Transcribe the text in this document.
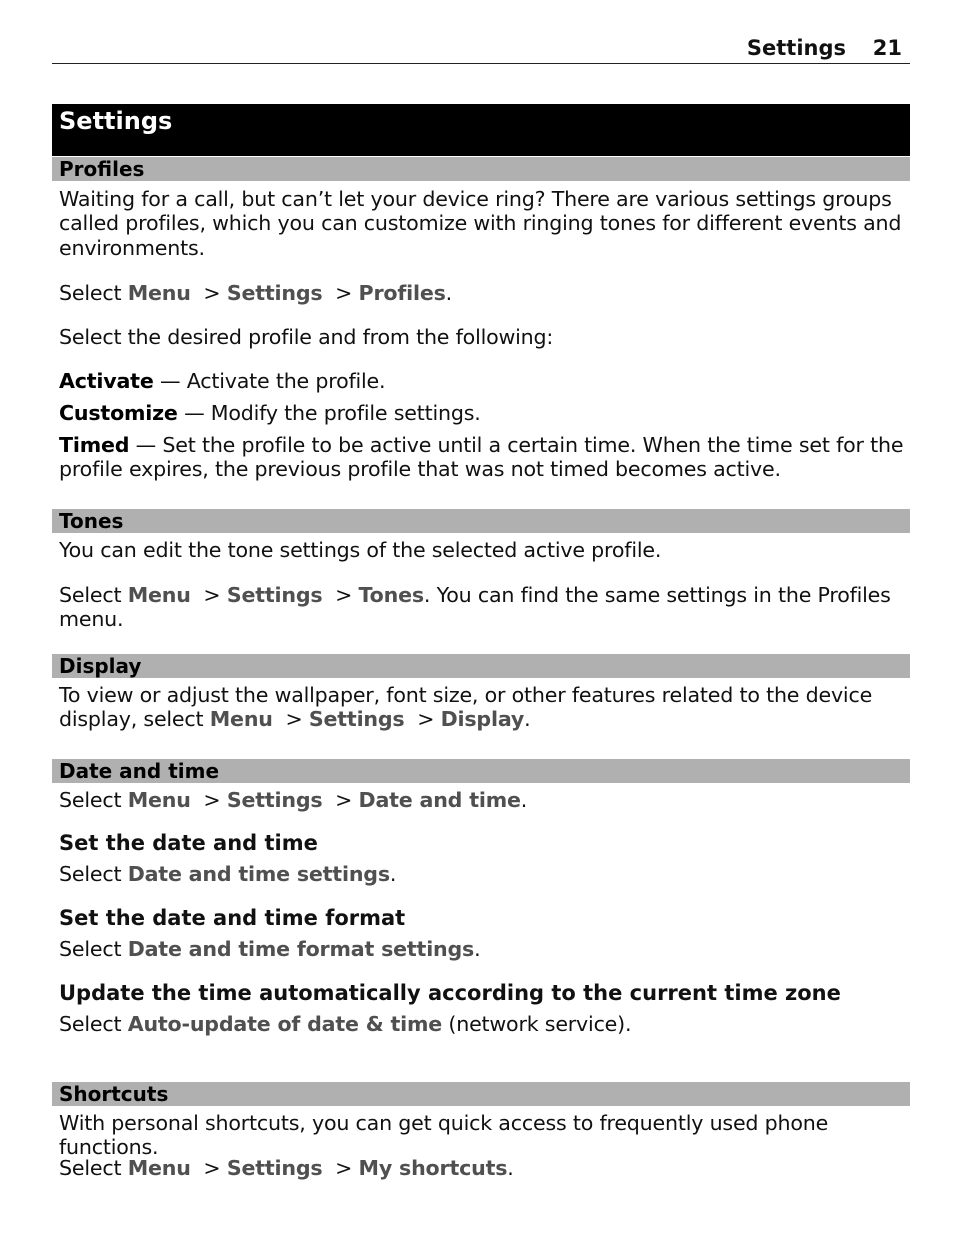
Settings 21
Settings
Profiles

Waiting for a call, but can’t let your device ring? There are various settings groups called profiles, which you can customize with ringing tones for different events and environments.

Select Menu > Settings > Profiles.

Select the desired profile and from the following:

Activate — Activate the profile.

Customize — Modify the profile settings.

Timed — Set the profile to be active until a certain time. When the time set for the profile expires, the previous profile that was not timed becomes active.

Tones

You can edit the tone settings of the selected active profile.

Select Menu > Settings > Tones. You can find the same settings in the Profiles menu.

Display

To view or adjust the wallpaper, font size, or other features related to the device display, select Menu > Settings > Display.

Date and time

Select Menu > Settings > Date and time.

Set the date and time

Select Date and time settings.

Set the date and time format

Select Date and time format settings.

Update the time automatically according to the current time zone

Select Auto-update of date & time (network service).

Shortcuts

With personal shortcuts, you can get quick access to frequently used phone functions.

Select Menu > Settings > My shortcuts.
